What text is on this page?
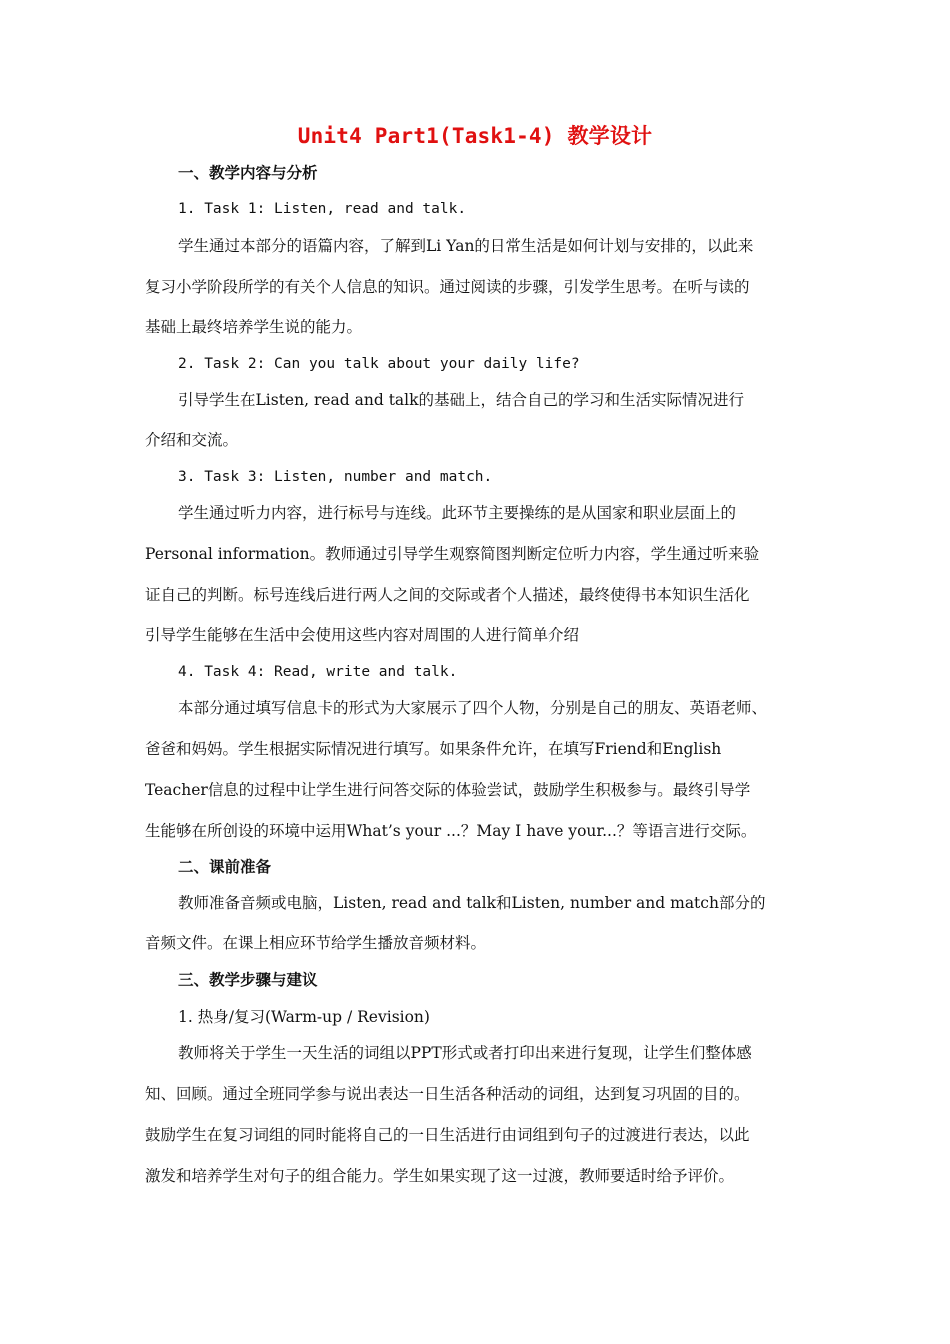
Unit4 Part1(Task1-4) 教学设计
一、教学内容与分析
1. Task 1: Listen, read and talk.
学生通过本部分的语篇内容，了解到Li Yan的日常生活是如何计划与安排的，以此来
复习小学阶段所学的有关个人信息的知识。通过阅读的步骤，引发学生思考。在听与读的
基础上最终培养学生说的能力。
2. Task 2: Can you talk about your daily life?
引导学生在Listen, read and talk的基础上，结合自己的学习和生活实际情况进行
介绍和交流。
3. Task 3: Listen, number and match.
学生通过听力内容，进行标号与连线。此环节主要操练的是从国家和职业层面上的
Personal information。教师通过引导学生观察简图判断定位听力内容，学生通过听来验
证自己的判断。标号连线后进行两人之间的交际或者个人描述，最终使得书本知识生活化
引导学生能够在生活中会使用这些内容对周围的人进行简单介绍
4. Task 4: Read, write and talk.
本部分通过填写信息卡的形式为大家展示了四个人物，分别是自己的朋友、英语老师、
爸爸和妈妈。学生根据实际情况进行填写。如果条件允许，在填写Friend和English
Teacher信息的过程中让学生进行问答交际的体验尝试，鼓励学生积极参与。最终引导学
生能够在所创设的环境中运用What’s your ...？May I have your...？等语言进行交际。
二、课前准备
教师准备音频或电脑，Listen, read and talk和Listen, number and match部分的
音频文件。在课上相应环节给学生播放音频材料。
三、教学步骤与建议
1. 热身/复习(Warm-up / Revision)
教师将关于学生一天生活的词组以PPT形式或者打印出来进行复现，让学生们整体感
知、回顾。通过全班同学参与说出表达一日生活各种活动的词组，达到复习巩固的目的。
鼓励学生在复习词组的同时能将自己的一日生活进行由词组到句子的过渡进行表达，以此
激发和培养学生对句子的组合能力。学生如果实现了这一过渡，教师要适时给予评价。
